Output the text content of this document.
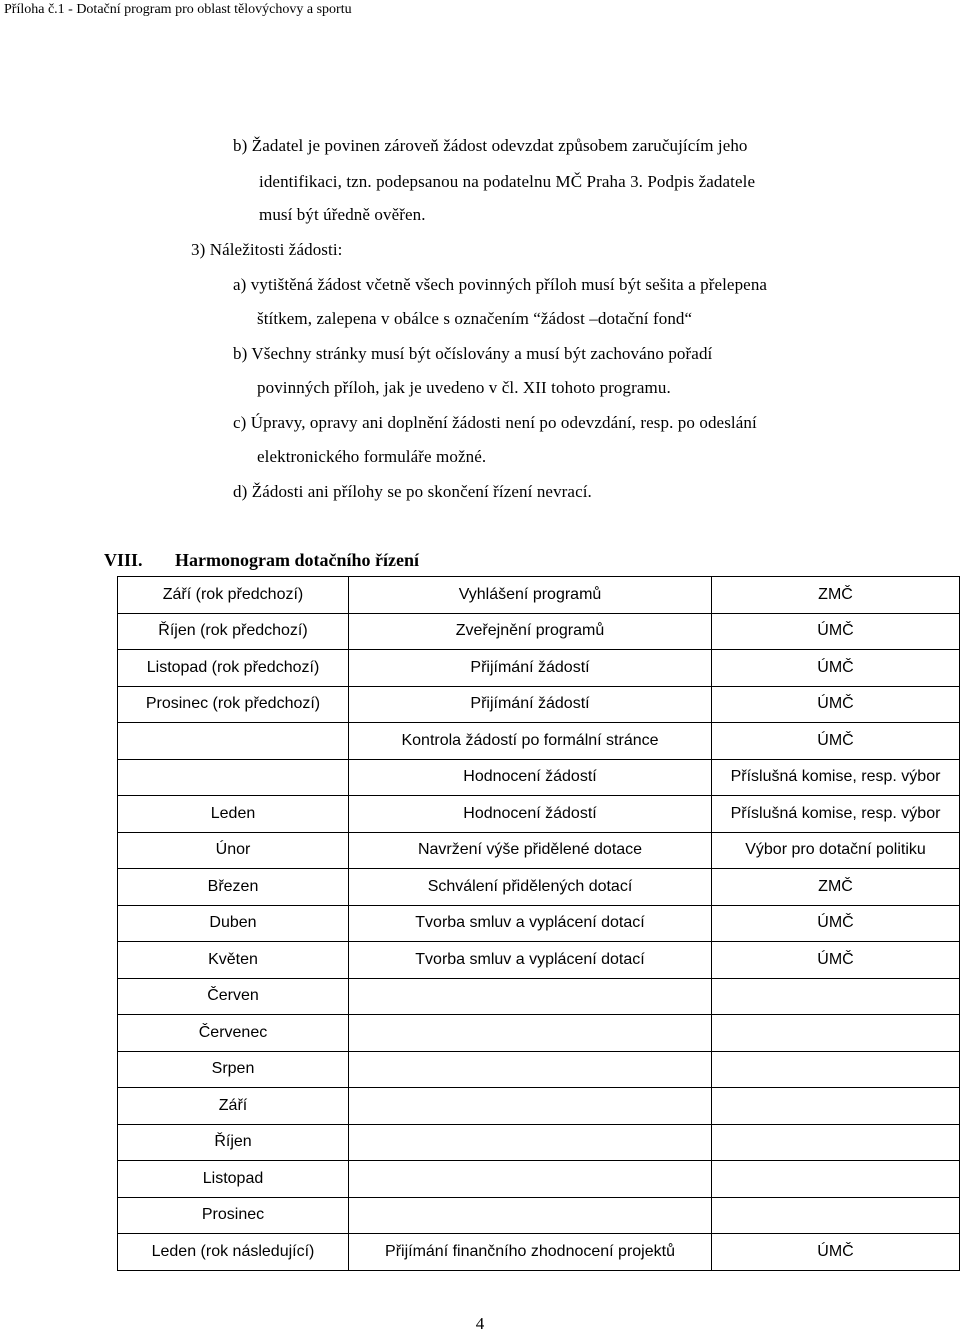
Příloha č.1 - Dotační program pro oblast tělovýchovy a sportu
b) Žadatel je povinen zároveň žádost odevzdat způsobem zaručujícím jeho
identifikaci, tzn. podepsanou na podatelnu MČ Praha 3. Podpis žadatele
musí být úředně ověřen.
3) Náležitosti žádosti:
a) vytištěná žádost včetně všech povinných příloh musí být sešita a přelepena
štítkem, zalepena v obálce s označením “žádost –dotační fond“
b) Všechny stránky musí být očíslovány a musí být zachováno pořadí
povinných příloh, jak je uvedeno v čl. XII tohoto programu.
c) Úpravy, opravy ani doplnění žádosti není po odevzdání, resp. po odeslání
elektronického formuláře možné.
d) Žádosti ani přílohy se po skončení řízení nevrací.
VIII. Harmonogram dotačního řízení
Září (rok předchozí)	Vyhlášení programů	ZMČ
Říjen (rok předchozí)	Zveřejnění programů	ÚMČ
Listopad (rok předchozí)	Přijímání žádostí	ÚMČ
Prosinec (rok předchozí)	Přijímání žádostí	ÚMČ
	Kontrola žádostí po formální stránce	ÚMČ
	Hodnocení žádostí	Příslušná komise, resp. výbor
Leden	Hodnocení žádostí	Příslušná komise, resp. výbor
Únor	Navržení výše přidělené dotace	Výbor pro dotační politiku
Březen	Schválení přidělených dotací	ZMČ
Duben	Tvorba smluv a vyplácení dotací	ÚMČ
Květen	Tvorba smluv a vyplácení dotací	ÚMČ
Červen		
Červenec		
Srpen		
Září		
Říjen		
Listopad		
Prosinec		
Leden (rok následující)	Přijímání finančního zhodnocení projektů	ÚMČ
4
